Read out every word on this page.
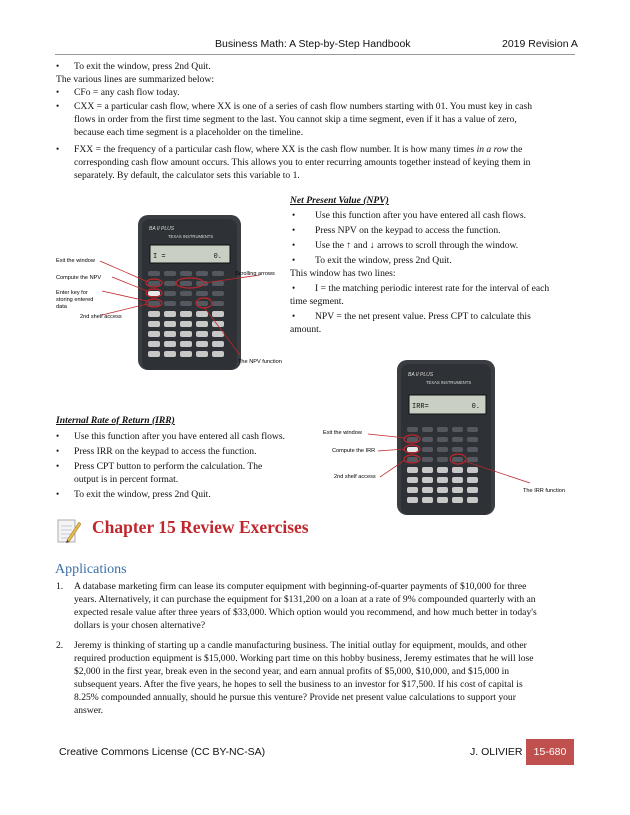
Business Math: A Step-by-Step Handbook	2019 Revision A
• To exit the window, press 2nd Quit.
The various lines are summarized below:
• CFo = any cash flow today.
• CXX = a particular cash flow, where XX is one of a series of cash flow numbers starting with 01. You must key in cash
flows in order from the first time segment to the last. You cannot skip a time segment, even if it has a value of zero,
because each time segment is a placeholder on the timeline.
• FXX = the frequency of a particular cash flow, where XX is the cash flow number. It is how many times in a row the
corresponding cash flow amount occurs. This allows you to enter recurring amounts together instead of keying them in
separately. By default, the calculator sets this variable to 1.
Net Present Value (NPV)
• Use this function after you have entered all cash flows.
• Press NPV on the keypad to access the function.
• Use the ↑ and ↓ arrows to scroll through the window.
• To exit the window, press 2nd Quit.
This window has two lines:
• I = the matching periodic interest rate for the interval of each
time segment.
• NPV = the net present value. Press CPT to calculate this
amount.
BA II PLUS
TEXAS INSTRUMENTS
I =	0.
Exit the window
Compute the NPV
Enter key for
storing entered
data
2nd shelf access
Scrolling arrows
The NPV function
BA II PLUS
TEXAS INSTRUMENTS
IRR=	0.
Exit the window
Compute the IRR
2nd shelf access
The IRR function
Internal Rate of Return (IRR)
• Use this function after you have entered all cash flows.
• Press IRR on the keypad to access the function.
• Press CPT button to perform the calculation. The
output is in percent format.
• To exit the window, press 2nd Quit.
Chapter 15 Review Exercises
Applications
1. A database marketing firm can lease its computer equipment with beginning-of-quarter payments of $10,000 for three
years. Alternatively, it can purchase the equipment for $131,200 on a loan at a rate of 9% compounded quarterly with an
expected resale value after three years of $33,000. Which option would you recommend, and how much better in today's
dollars is your chosen alternative?
2. Jeremy is thinking of starting up a candle manufacturing business. The initial outlay for equipment, moulds, and other
required production equipment is $15,000. Working part time on this hobby business, Jeremy estimates that he will lose
$2,000 in the first year, break even in the second year, and earn annual profits of $5,000, $10,000, and $15,000 in
subsequent years. After the five years, he hopes to sell the business to an investor for $17,500. If his cost of capital is
8.25% compounded annually, should he pursue this venture? Provide net present value calculations to support your
answer.
Creative Commons License (CC BY-NC-SA)	J. OLIVIER	15-680
